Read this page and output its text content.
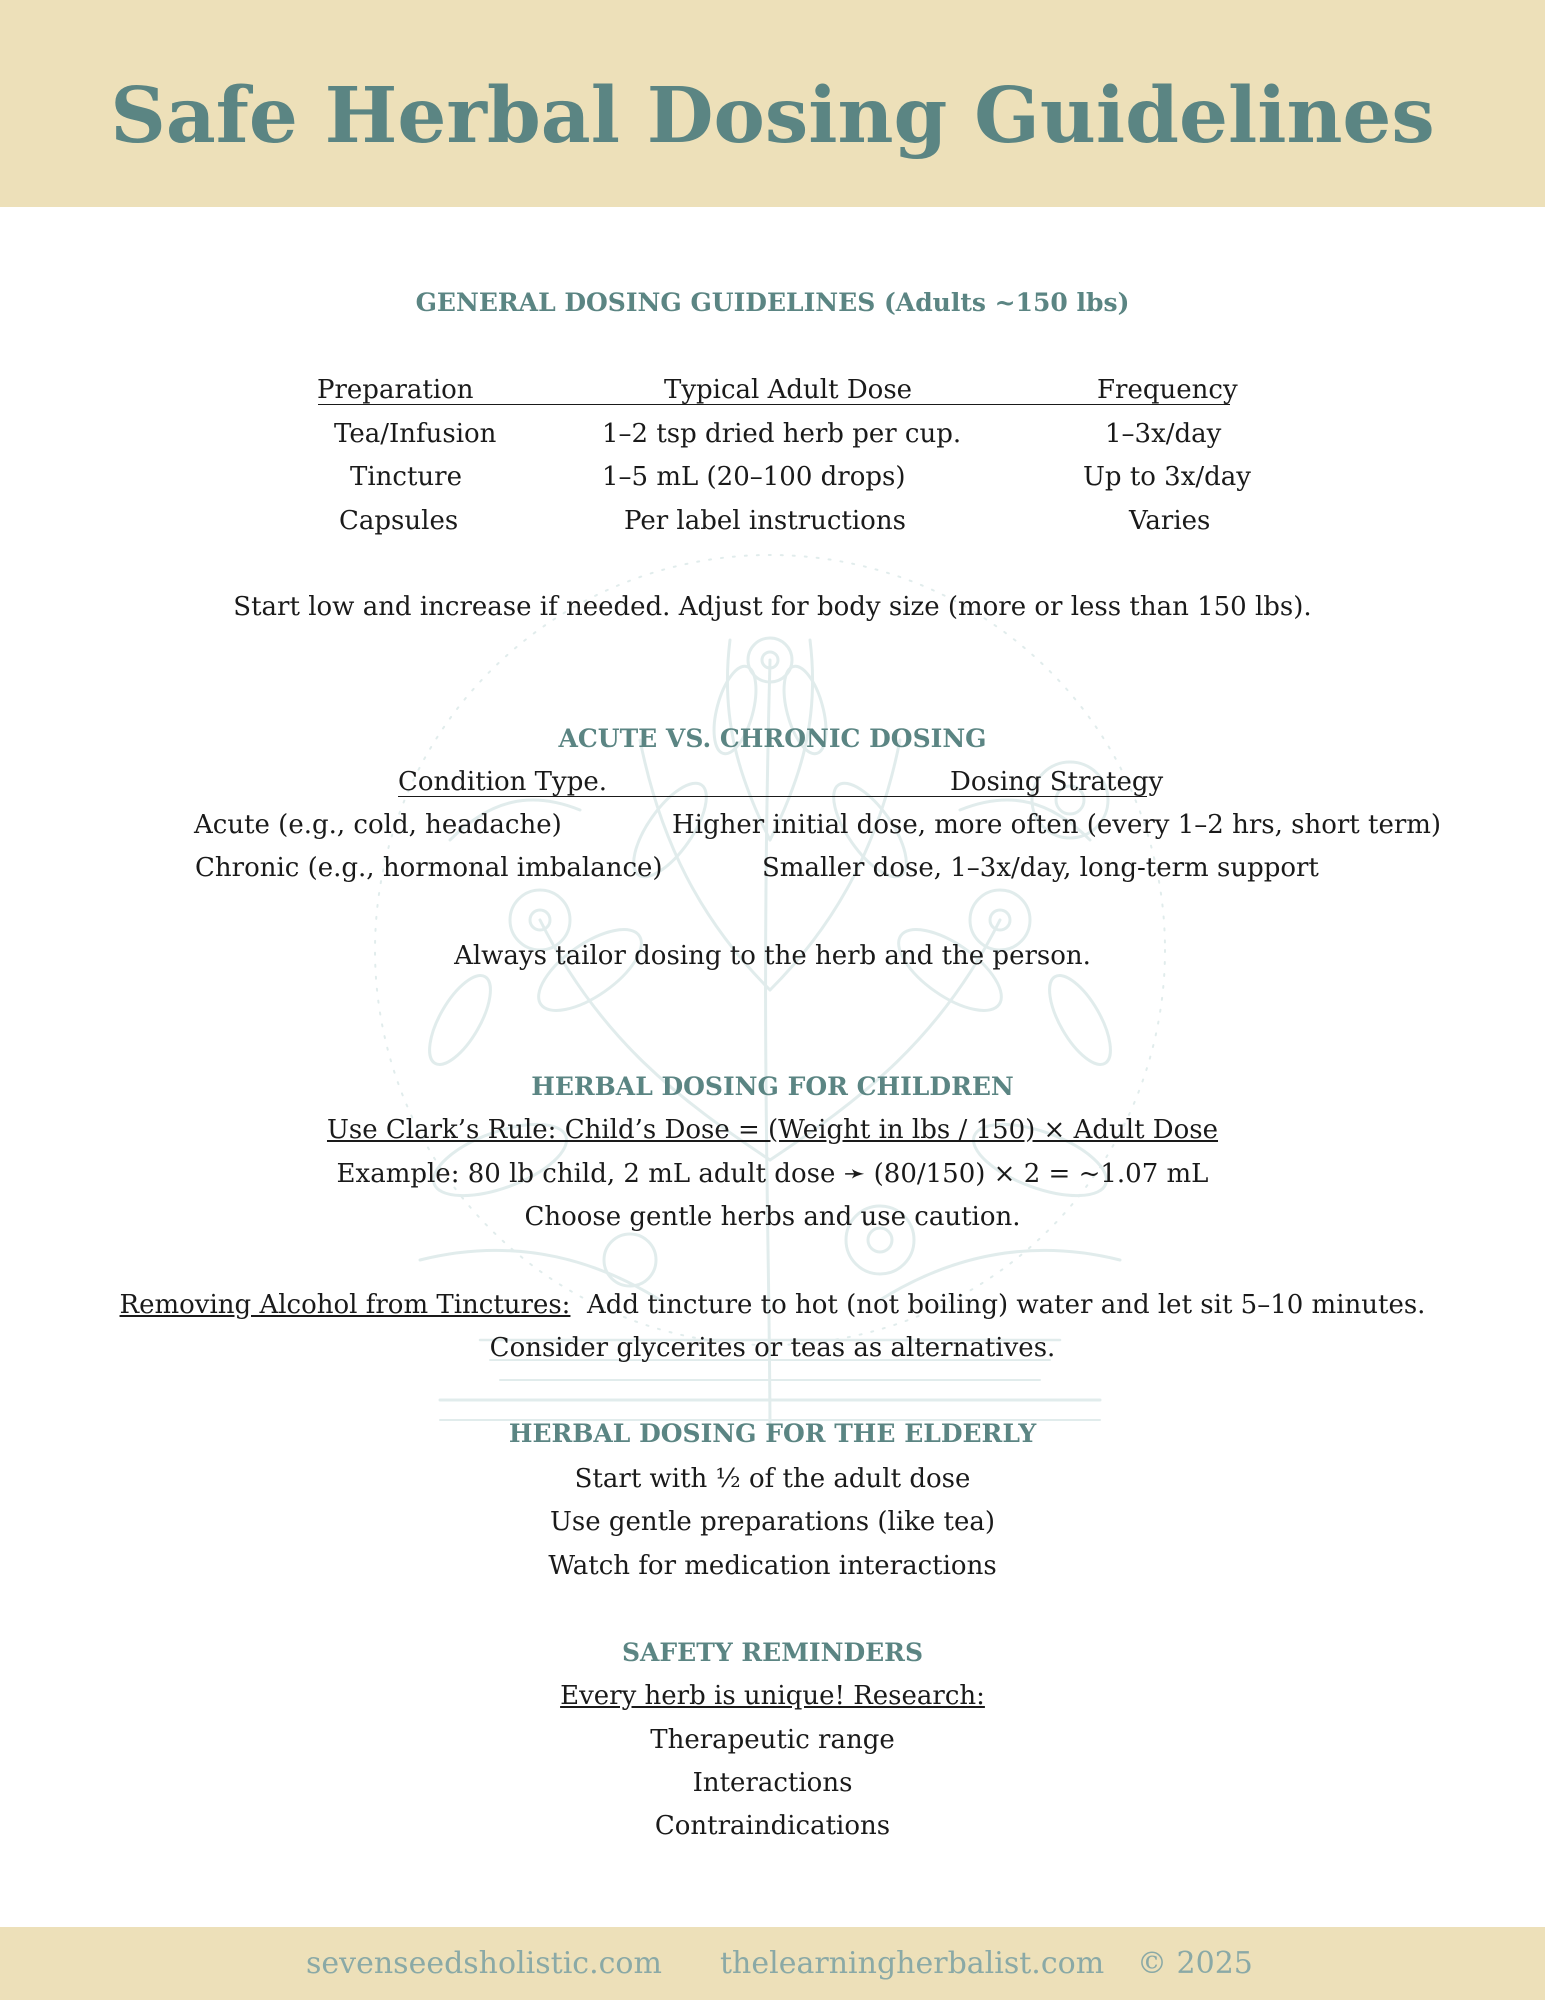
Safe Herbal Dosing Guidelines
GENERAL DOSING GUIDELINES (Adults ~150 lbs)
Preparation	Typical Adult Dose	Frequency
Tea/Infusion	1–2 tsp dried herb per cup.	1–3x/day
Tincture	1–5 mL (20–100 drops)	Up to 3x/day
Capsules	Per label instructions	Varies
Start low and increase if needed. Adjust for body size (more or less than 150 lbs).
ACUTE VS. CHRONIC DOSING
Condition Type.	Dosing Strategy
Acute (e.g., cold, headache)	Higher initial dose, more often (every 1–2 hrs, short term)
Chronic (e.g., hormonal imbalance)	Smaller dose, 1–3x/day, long-term support
Always tailor dosing to the herb and the person.
HERBAL DOSING FOR CHILDREN
Use Clark’s Rule: Child’s Dose = (Weight in lbs / 150) × Adult Dose
Example: 80 lb child, 2 mL adult dose ➛ (80/150) × 2 = ~1.07 mL
Choose gentle herbs and use caution.
Removing Alcohol from Tinctures: Add tincture to hot (not boiling) water and let sit 5–10 minutes.
Consider glycerites or teas as alternatives.
HERBAL DOSING FOR THE ELDERLY
Start with ½ of the adult dose
Use gentle preparations (like tea)
Watch for medication interactions
SAFETY REMINDERS
Every herb is unique! Research:
Therapeutic range
Interactions
Contraindications
sevenseedsholistic.com thelearningherbalist.com © 2025
